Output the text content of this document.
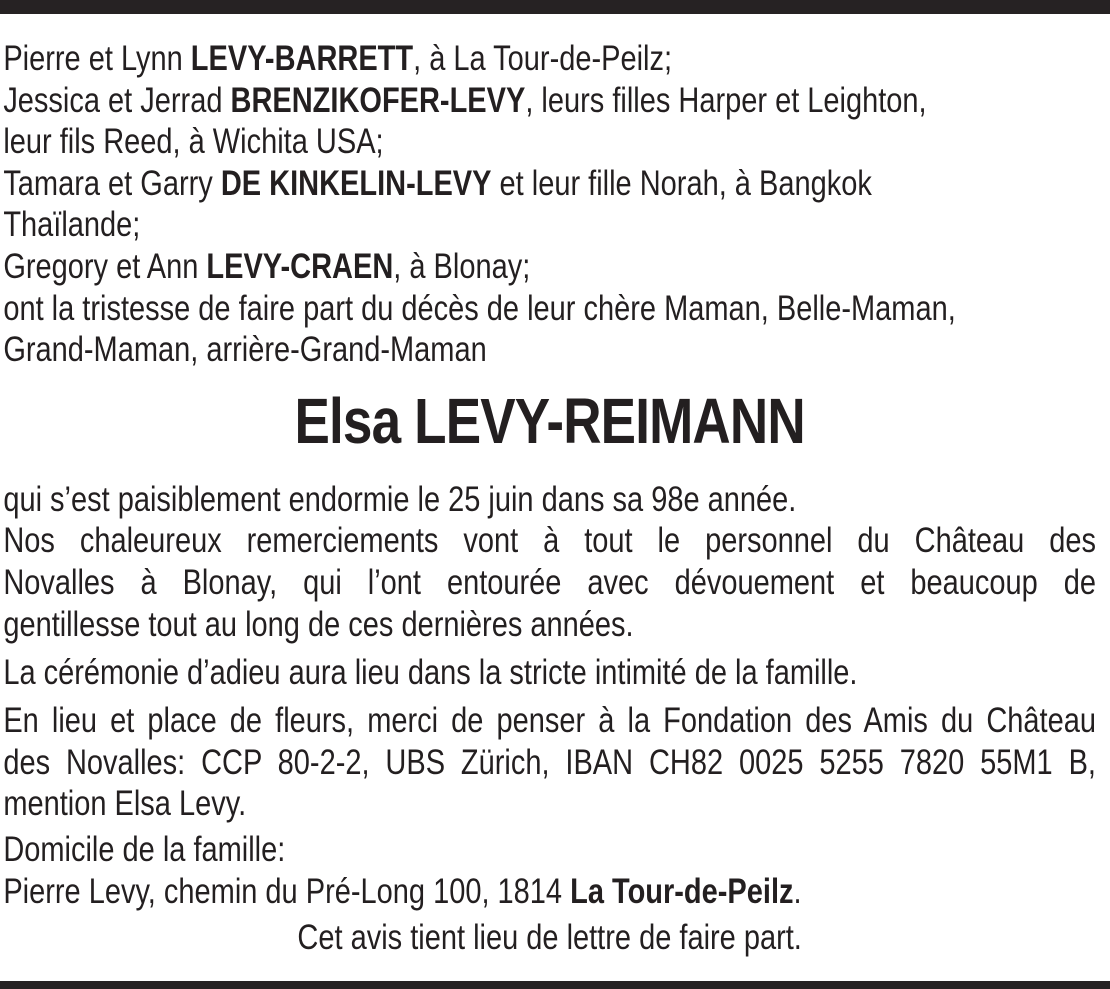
Pierre et Lynn LEVY-BARRETT, à La Tour-de-Peilz;
Jessica et Jerrad BRENZIKOFER-LEVY, leurs filles Harper et Leighton,
leur fils Reed, à Wichita USA;
Tamara et Garry DE KINKELIN-LEVY et leur fille Norah, à Bangkok
Thaïlande;
Gregory et Ann LEVY-CRAEN, à Blonay;
ont la tristesse de faire part du décès de leur chère Maman, Belle-Maman,
Grand-Maman, arrière-Grand-Maman
Elsa LEVY-REIMANN
qui s’est paisiblement endormie le 25 juin dans sa 98e année.
Nos chaleureux remerciements vont à tout le personnel du Château des
Novalles à Blonay, qui l’ont entourée avec dévouement et beaucoup de
gentillesse tout au long de ces dernières années.
La cérémonie d’adieu aura lieu dans la stricte intimité de la famille.
En lieu et place de fleurs, merci de penser à la Fondation des Amis du Château
des Novalles: CCP 80-2-2, UBS Zürich, IBAN CH82 0025 5255 7820 55M1 B,
mention Elsa Levy.
Domicile de la famille:
Pierre Levy, chemin du Pré-Long 100, 1814 La Tour-de-Peilz.
Cet avis tient lieu de lettre de faire part.
